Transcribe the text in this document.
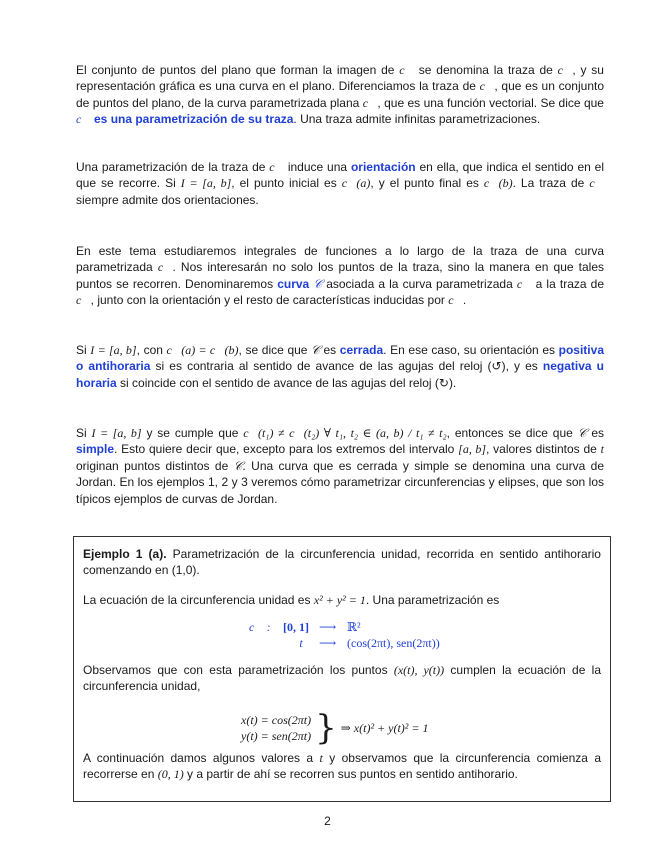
El conjunto de puntos del plano que forman la imagen de c⃗ se denomina la traza de c⃗, y su representación gráfica es una curva en el plano. Diferenciamos la traza de c⃗, que es un conjunto de puntos del plano, de la curva parametrizada plana c⃗, que es una función vectorial. Se dice que c⃗ es una parametrización de su traza. Una traza admite infinitas parametrizaciones.
Una parametrización de la traza de c⃗ induce una orientación en ella, que indica el sentido en el que se recorre. Si I = [a, b], el punto inicial es c⃗(a), y el punto final es c⃗(b). La traza de c⃗ siempre admite dos orientaciones.
En este tema estudiaremos integrales de funciones a lo largo de la traza de una curva parametrizada c⃗. Nos interesarán no solo los puntos de la traza, sino la manera en que tales puntos se recorren. Denominaremos curva 𝒞 asociada a la curva parametrizada c⃗ a la traza de c⃗, junto con la orientación y el resto de características inducidas por c⃗.
Si I = [a, b], con c⃗(a) = c⃗(b), se dice que 𝒞 es cerrada. En ese caso, su orientación es positiva o antihoraria si es contraria al sentido de avance de las agujas del reloj (↺), y es negativa u horaria si coincide con el sentido de avance de las agujas del reloj (↻).
Si I = [a, b] y se cumple que c⃗(t₁) ≠ c⃗(t₂) ∀ t₁, t₂ ∈ (a, b) / t₁ ≠ t₂, entonces se dice que 𝒞 es simple. Esto quiere decir que, excepto para los extremos del intervalo [a, b], valores distintos de t originan puntos distintos de 𝒞. Una curva que es cerrada y simple se denomina una curva de Jordan. En los ejemplos 1, 2 y 3 veremos cómo parametrizar circunferencias y elipses, que son los típicos ejemplos de curvas de Jordan.
Ejemplo 1 (a). Parametrización de la circunferencia unidad, recorrida en sentido antihorario comenzando en (1,0).
La ecuación de la circunferencia unidad es x² + y² = 1. Una parametrización es
c⃗ : [0, 1] ⟶ ℝ²
t ⟶ (cos(2πt), sen(2πt))
Observamos que con esta parametrización los puntos (x(t), y(t)) cumplen la ecuación de la circunferencia unidad,
x(t) = cos(2πt)
y(t) = sen(2πt) } ⇒ x(t)² + y(t)² = 1
A continuación damos algunos valores a t y observamos que la circunferencia comienza a recorrerse en (0, 1) y a partir de ahí se recorren sus puntos en sentido antihorario.
2
